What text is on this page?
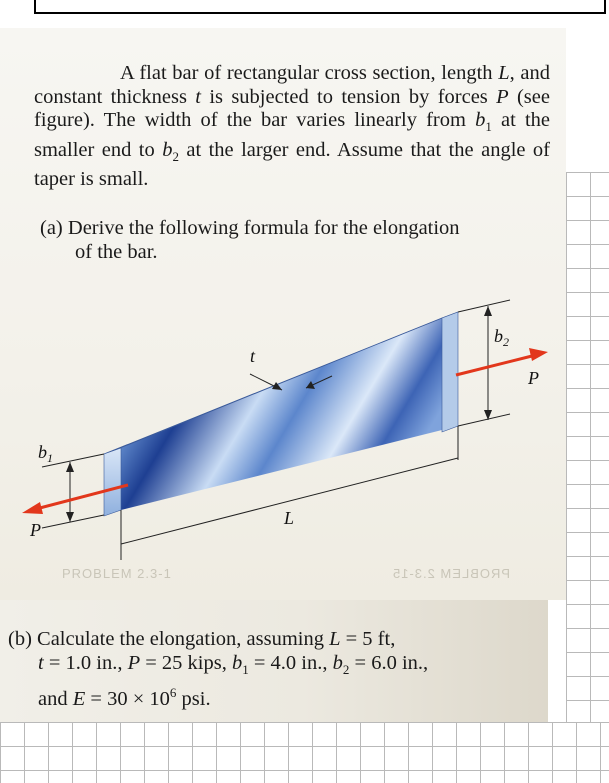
PROBLEM 2.3-1	PROBLEM 2.3-15

A flat bar of rectangular cross section, length L, and constant thickness t is subjected to tension by forces P (see figure). The width of the bar varies linearly from $b_1$ at the smaller end to $b_2$ at the larger end. Assume that the angle of taper is small.

(a) Derive the following formula for the elongation
of the bar.
t
$b_2$
P
$b_1$
P
L
(b) Calculate the elongation, assuming L = 5 ft,
t = 1.0 in., P = 25 kips, $b_1 = 4.0$ in., $b_2 = 6.0$ in.,
and $E = 30 \times 10^6$ psi.
